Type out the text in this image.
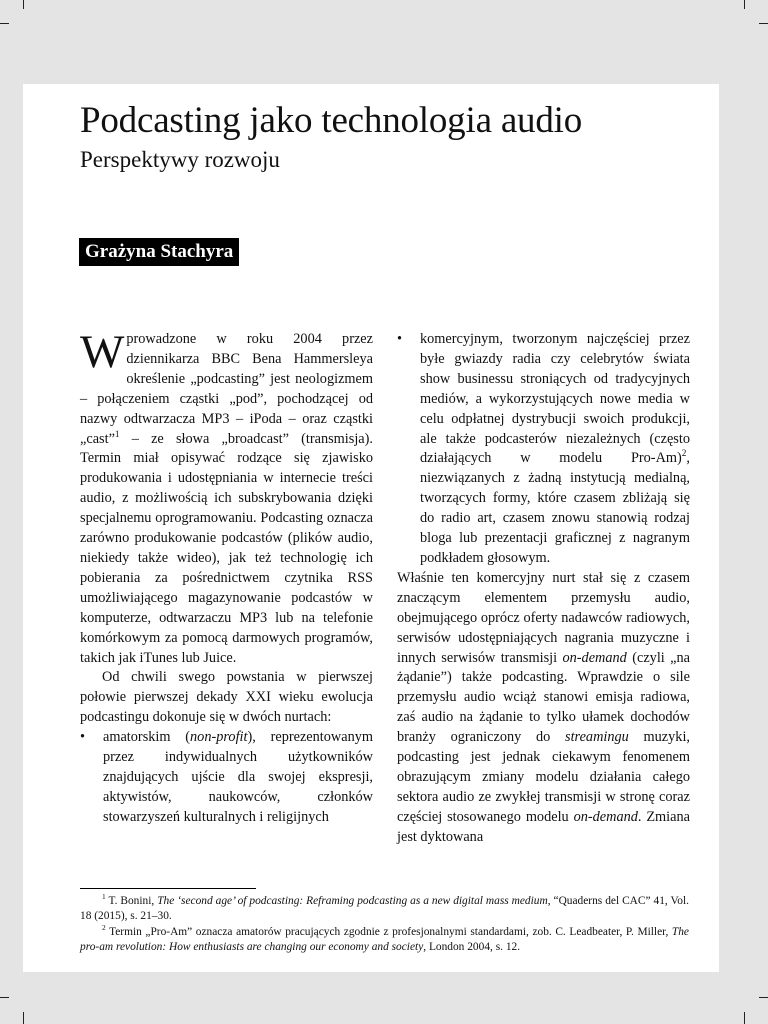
Podcasting jako technologia audio
Perspektywy rozwoju
Grażyna Stachyra

Wprowadzone w roku 2004 przez dziennikarza BBC Bena Hammersleya określenie „podcasting” jest neologizmem – połączeniem cząstki „pod”, pochodzącej od nazwy odtwarzacza MP3 – iPoda – oraz cząstki „cast”$^1$ – ze słowa „broadcast” (transmisja). Termin miał opisywać rodzące się zjawisko produkowania i udostępniania w internecie treści audio, z możliwością ich subskrybowania dzięki specjalnemu oprogramowaniu. Podcasting oznacza zarówno produkowanie podcastów (plików audio, niekiedy także wideo), jak też technologię ich pobierania za pośrednictwem czytnika RSS umożliwiającego magazynowanie podcastów w komputerze, odtwarzaczu MP3 lub na telefonie komórkowym za pomocą darmowych programów, takich jak iTunes lub Juice.

Od chwili swego powstania w pierwszej połowie pierwszej dekady XXI wieku ewolucja podcastingu dokonuje się w dwóch nurtach:

•	amatorskim (non-profit), reprezentowanym przez indywidualnych użytkowników znajdujących ujście dla swojej ekspresji, aktywistów, naukowców, członków stowarzyszeń kulturalnych i religijnych
•	komercyjnym, tworzonym najczęściej przez byłe gwiazdy radia czy celebrytów świata show businessu stroniących od tradycyjnych mediów, a wykorzystujących nowe media w celu odpłatnej dystrybucji swoich produkcji, ale także podcasterów niezależnych (często działających w modelu Pro-Am)$^2$, niezwiązanych z żadną instytucją medialną, tworzących formy, które czasem zbliżają się do radio art, czasem znowu stanowią rodzaj bloga lub prezentacji graficznej z nagranym podkładem głosowym.

Właśnie ten komercyjny nurt stał się z czasem znaczącym elementem przemysłu audio, obejmującego oprócz oferty nadawców radiowych, serwisów udostępniających nagrania muzyczne i innych serwisów transmisji on-demand (czyli „na żądanie”) także podcasting. Wprawdzie o sile przemysłu audio wciąż stanowi emisja radiowa, zaś audio na żądanie to tylko ułamek dochodów branży ograniczony do streamingu muzyki, podcasting jest jednak ciekawym fenomenem obrazującym zmiany modelu działania całego sektora audio ze zwykłej transmisji w stronę coraz częściej stosowanego modelu on-demand. Zmiana jest dyktowana

$^1$ T. Bonini, The ‘second age’ of podcasting: Reframing podcasting as a new digital mass medium, “Quaderns del CAC” 41, Vol. 18 (2015), s. 21–30.

$^2$ Termin „Pro-Am” oznacza amatorów pracujących zgodnie z profesjonalnymi standardami, zob. C. Leadbeater, P. Miller, The pro-am revolution: How enthusiasts are changing our economy and society, London 2004, s. 12.
